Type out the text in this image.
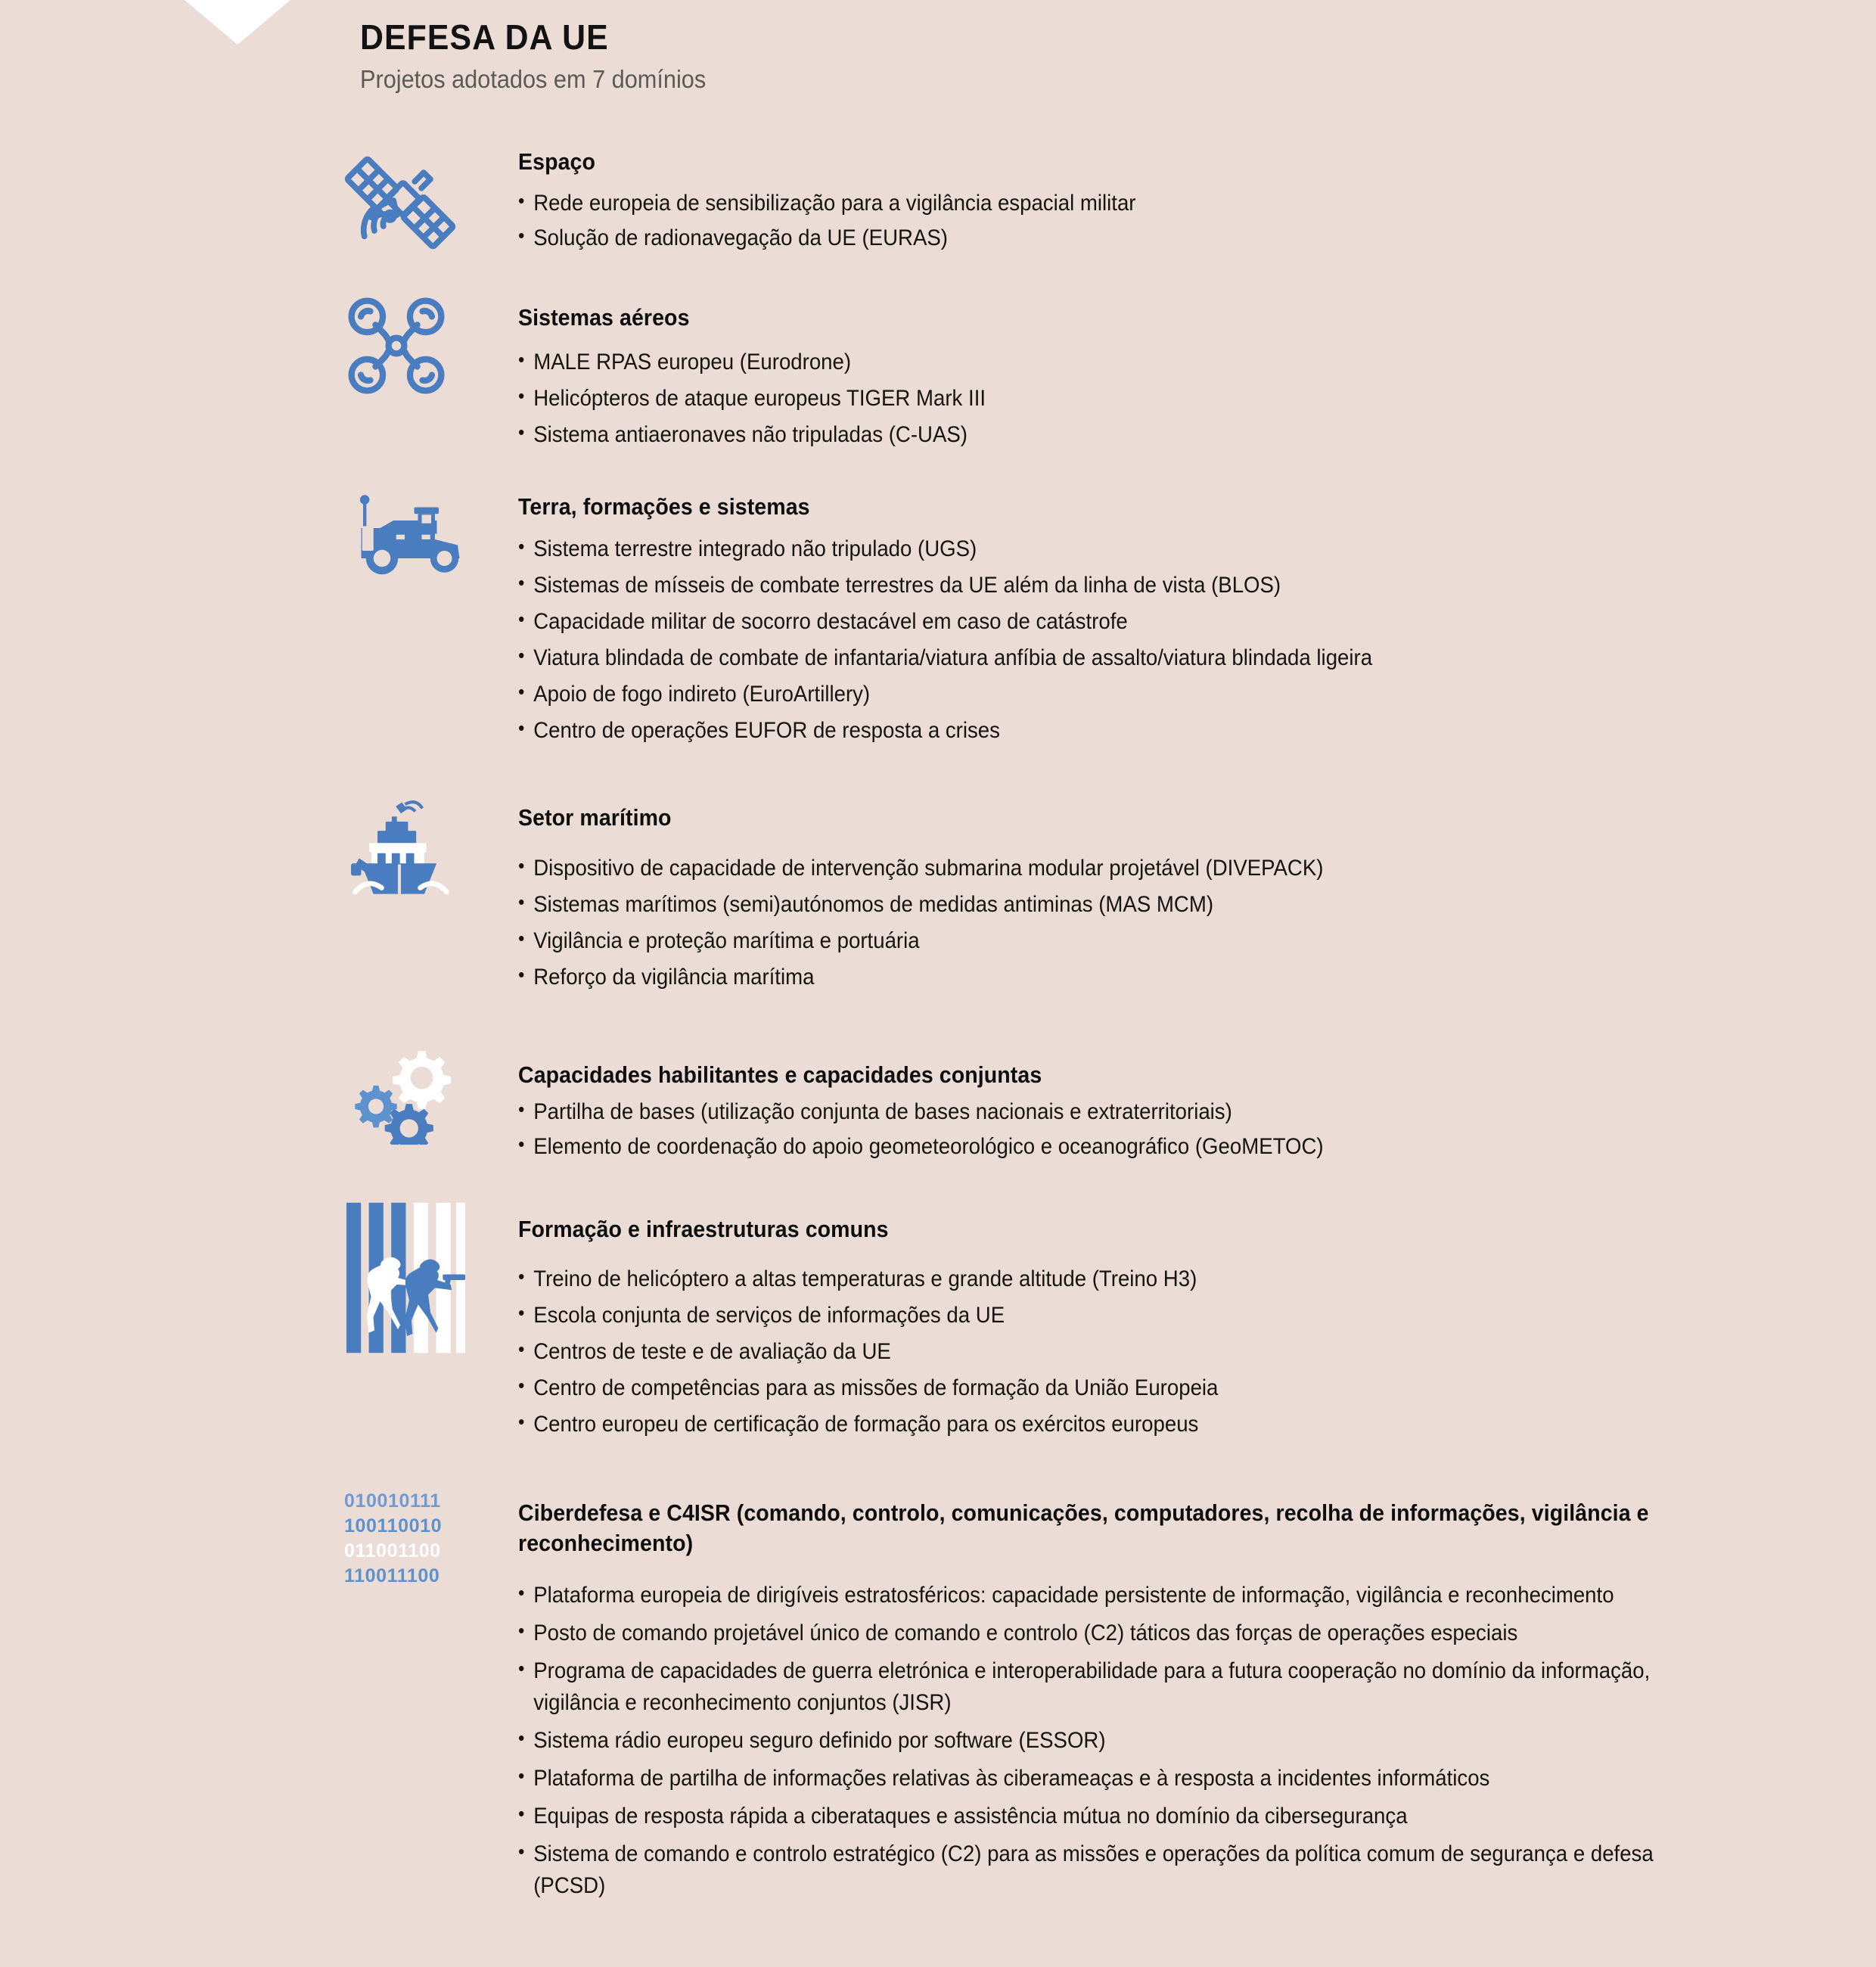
DEFESA DA UE

Projetos adotados em 7 domínios

Espaço
• Rede europeia de sensibilização para a vigilância espacial militar
• Solução de radionavegação da UE (EURAS)
Sistemas aéreos
• MALE RPAS europeu (Eurodrone)
• Helicópteros de ataque europeus TIGER Mark III
• Sistema antiaeronaves não tripuladas (C-UAS)
Terra, formações e sistemas
• Sistema terrestre integrado não tripulado (UGS)
• Sistemas de mísseis de combate terrestres da UE além da linha de vista (BLOS)
• Capacidade militar de socorro destacável em caso de catástrofe
• Viatura blindada de combate de infantaria/viatura anfíbia de assalto/viatura blindada ligeira
• Apoio de fogo indireto (EuroArtillery)
• Centro de operações EUFOR de resposta a crises
Setor marítimo
• Dispositivo de capacidade de intervenção submarina modular projetável (DIVEPACK)
• Sistemas marítimos (semi)autónomos de medidas antiminas (MAS MCM)
• Vigilância e proteção marítima e portuária
• Reforço da vigilância marítima
Capacidades habilitantes e capacidades conjuntas
• Partilha de bases (utilização conjunta de bases nacionais e extraterritoriais)
• Elemento de coordenação do apoio geometeorológico e oceanográfico (GeoMETOC)
Formação e infraestruturas comuns
• Treino de helicóptero a altas temperaturas e grande altitude (Treino H3)
• Escola conjunta de serviços de informações da UE
• Centros de teste e de avaliação da UE
• Centro de competências para as missões de formação da União Europeia
• Centro europeu de certificação de formação para os exércitos europeus
010010111
100110010
011001100
110011100
Ciberdefesa e C4ISR (comando, controlo, comunicações, computadores, recolha de informações, vigilância e reconhecimento)
• Plataforma europeia de dirigíveis estratosféricos: capacidade persistente de informação, vigilância e reconhecimento
• Posto de comando projetável único de comando e controlo (C2) táticos das forças de operações especiais
• Programa de capacidades de guerra eletrónica e interoperabilidade para a futura cooperação no domínio da informação, vigilância e reconhecimento conjuntos (JISR)
• Sistema rádio europeu seguro definido por software (ESSOR)
• Plataforma de partilha de informações relativas às ciberameaças e à resposta a incidentes informáticos
• Equipas de resposta rápida a ciberataques e assistência mútua no domínio da cibersegurança
• Sistema de comando e controlo estratégico (C2) para as missões e operações da política comum de segurança e defesa (PCSD)
